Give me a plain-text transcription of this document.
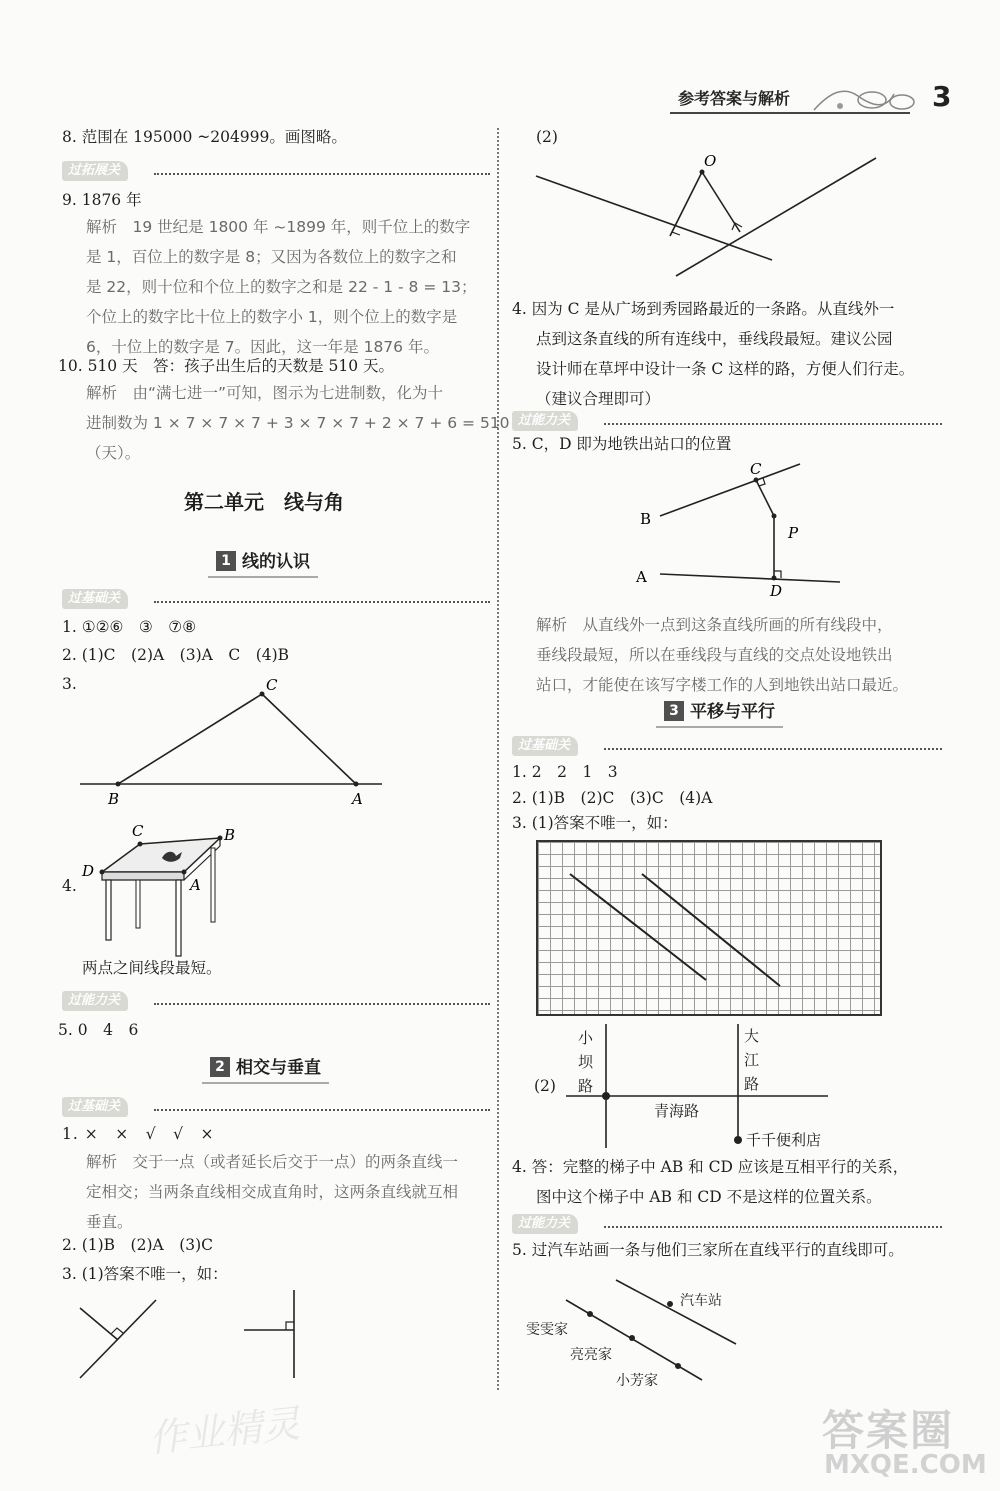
参考答案与解析	3
8. 范围在 195000 ~204999。画图略。
过拓展关
9. 1876 年
解析　19 世纪是 1800 年 ~1899 年，则千位上的数字
是 1，百位上的数字是 8；又因为各数位上的数字之和
是 22，则十位和个位上的数字之和是 22 - 1 - 8 = 13；
个位上的数字比十位上的数字小 1，则个位上的数字是
6，十位上的数字是 7。因此，这一年是 1876 年。
10. 510 天　答：孩子出生后的天数是 510 天。
解析　由“满七进一”可知，图示为七进制数，化为十
进制数为 1 × 7 × 7 × 7 + 3 × 7 × 7 + 2 × 7 + 6 = 510
（天）。
第二单元　线与角
1 线的认识
过基础关
1. ①②⑥　③　⑦⑧
2. (1)C　(2)A　(3)A　C　(4)B
3.	C
B	A
4.
C	B
D
A
两点之间线段最短。
过能力关
5. 0　4　6
2 相交与垂直
过基础关
1. ×　×　√　√　×
解析　交于一点（或者延长后交于一点）的两条直线一
定相交；当两条直线相交成直角时，这两条直线就互相
垂直。
2. (1)B　(2)A　(3)C
3. (1)答案不唯一，如：
作业精灵
(2)
O
4. 因为 C 是从广场到秀园路最近的一条路。从直线外一
点到这条直线的所有连线中，垂线段最短。建议公园
设计师在草坪中设计一条 C 这样的路，方便人们行走。
（建议合理即可）
过能力关
5. C，D 即为地铁出站口的位置
C
B
P
A
D
解析　从直线外一点到这条直线所画的所有线段中，
垂线段最短，所以在垂线段与直线的交点处设地铁出
站口，才能使在该写字楼工作的人到地铁出站口最近。
3 平移与平行
过基础关
1. 2　2　1　3
2. (1)B　(2)C　(3)C　(4)A
3. (1)答案不唯一，如：
(2)
小
坝
路
大
江
路
青海路
千千便利店
4. 答：完整的梯子中 AB 和 CD 应该是互相平行的关系，
图中这个梯子中 AB 和 CD 不是这样的位置关系。
过能力关
5. 过汽车站画一条与他们三家所在直线平行的直线即可。
汽车站
雯雯家
亮亮家
小芳家
答案圈
MXQE.COM
